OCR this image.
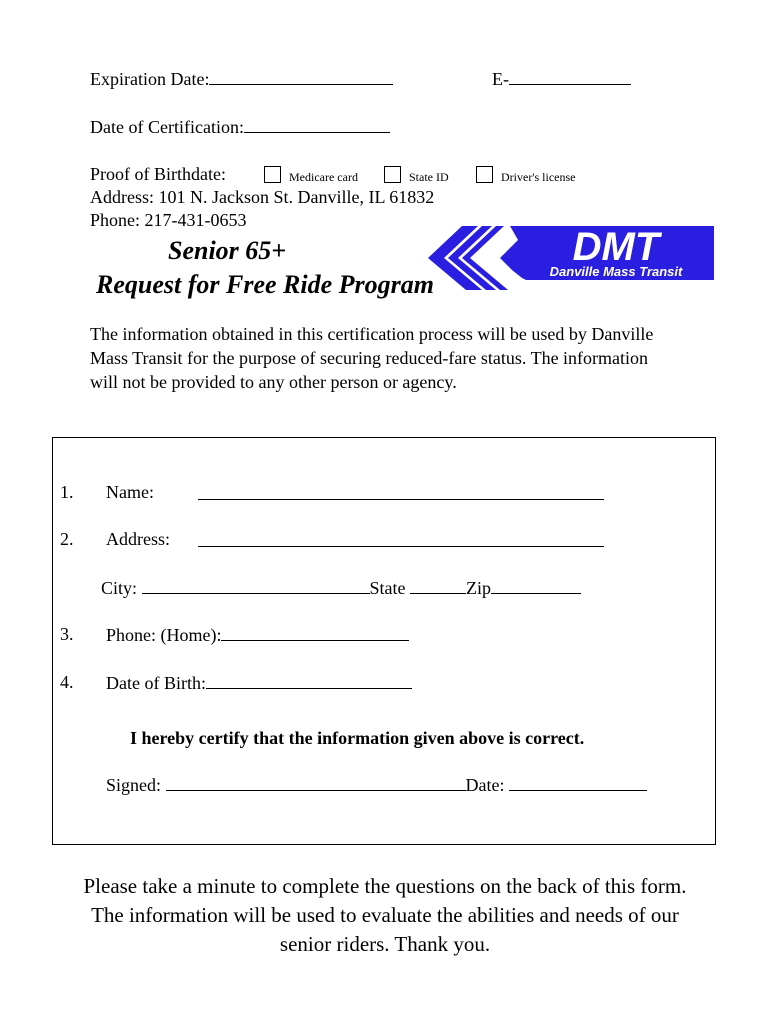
Expiration Date:	E-
Date of Certification:
Proof of Birthdate:	Medicare card	State ID	Driver's license
Address: 101 N. Jackson St. Danville, IL 61832
Phone: 217-431-0653
Senior 65+
Request for Free Ride Program
DMT
Danville Mass Transit
The information obtained in this certification process will be used by Danville Mass Transit for the purpose of securing reduced-fare status. The information will not be provided to any other person or agency.
1. Name:
2. Address:
City:	State	Zip
3. Phone: (Home):
4. Date of Birth:
I hereby certify that the information given above is correct.
Signed:	Date:
Please take a minute to complete the questions on the back of this form. The information will be used to evaluate the abilities and needs of our senior riders. Thank you.
